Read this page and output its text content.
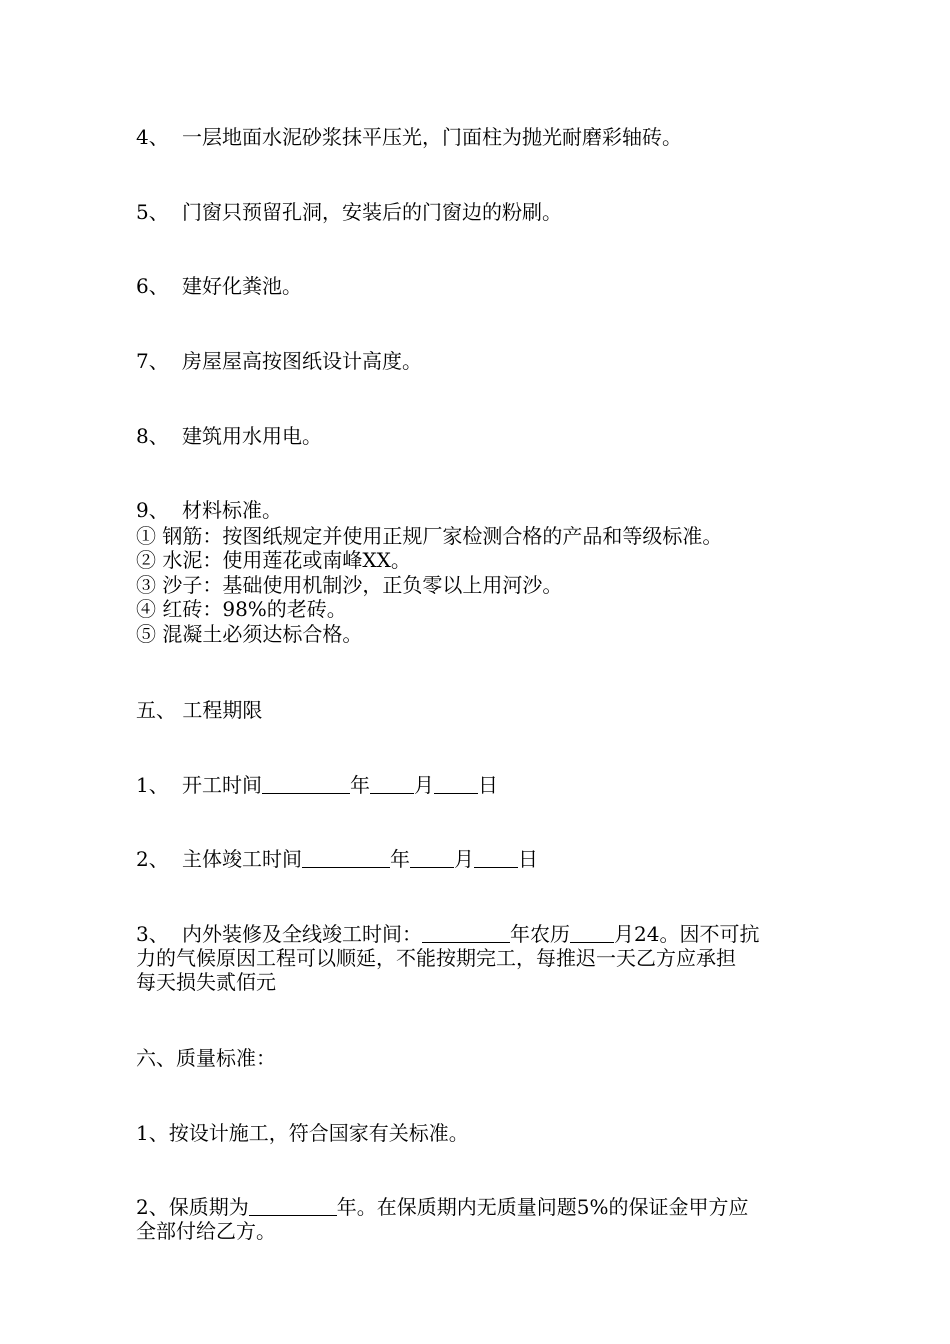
4、 一层地面水泥砂浆抹平压光，门面柱为抛光耐磨彩轴砖。

5、 门窗只预留孔洞，安装后的门窗边的粉刷。

6、 建好化粪池。

7、 房屋屋高按图纸设计高度。

8、 建筑用水用电。

9、 材料标准。

① 钢筋：按图纸规定并使用正规厂家检测合格的产品和等级标准。

② 水泥：使用莲花或南峰XX。

③ 沙子：基础使用机制沙，正负零以上用河沙。

④ 红砖：98%的老砖。

⑤ 混凝土必须达标合格。

五、 工程期限

1、 开工时间	年 月 日

2、 主体竣工时间	年 月 日

3、 内外装修及全线竣工时间：	年农历 月24。因不可抗

力的气候原因工程可以顺延，不能按期完工，每推迟一天乙方应承担

每天损失贰佰元

六、质量标准：

1、按设计施工，符合国家有关标准。

2、保质期为	年。在保质期内无质量问题5%的保证金甲方应

全部付给乙方。
